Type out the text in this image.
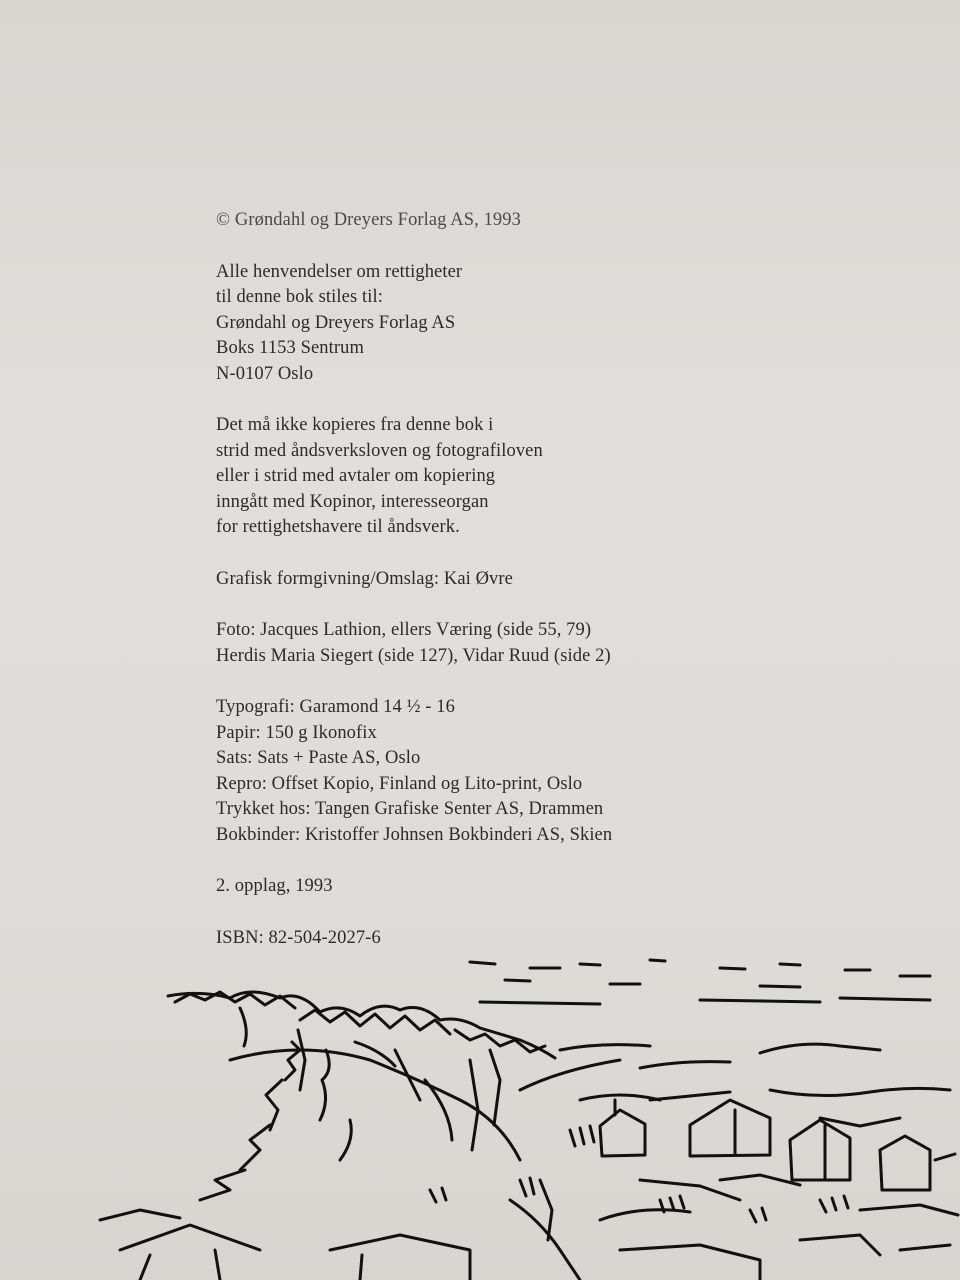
© Grøndahl og Dreyers Forlag AS, 1993

Alle henvendelser om rettigheter

til denne bok stiles til:

Grøndahl og Dreyers Forlag AS

Boks 1153 Sentrum

N-0107 Oslo

Det må ikke kopieres fra denne bok i

strid med åndsverksloven og fotografiloven

eller i strid med avtaler om kopiering

inngått med Kopinor, interesseorgan

for rettighetshavere til åndsverk.

Grafisk formgivning/Omslag: Kai Øvre

Foto: Jacques Lathion, ellers Væring (side 55, 79)

Herdis Maria Siegert (side 127), Vidar Ruud (side 2)

Typografi: Garamond 14 ½ - 16

Papir: 150 g Ikonofix

Sats: Sats + Paste AS, Oslo

Repro: Offset Kopio, Finland og Lito-print, Oslo

Trykket hos: Tangen Grafiske Senter AS, Drammen

Bokbinder: Kristoffer Johnsen Bokbinderi AS, Skien

2. opplag, 1993

ISBN: 82-504-2027-6
